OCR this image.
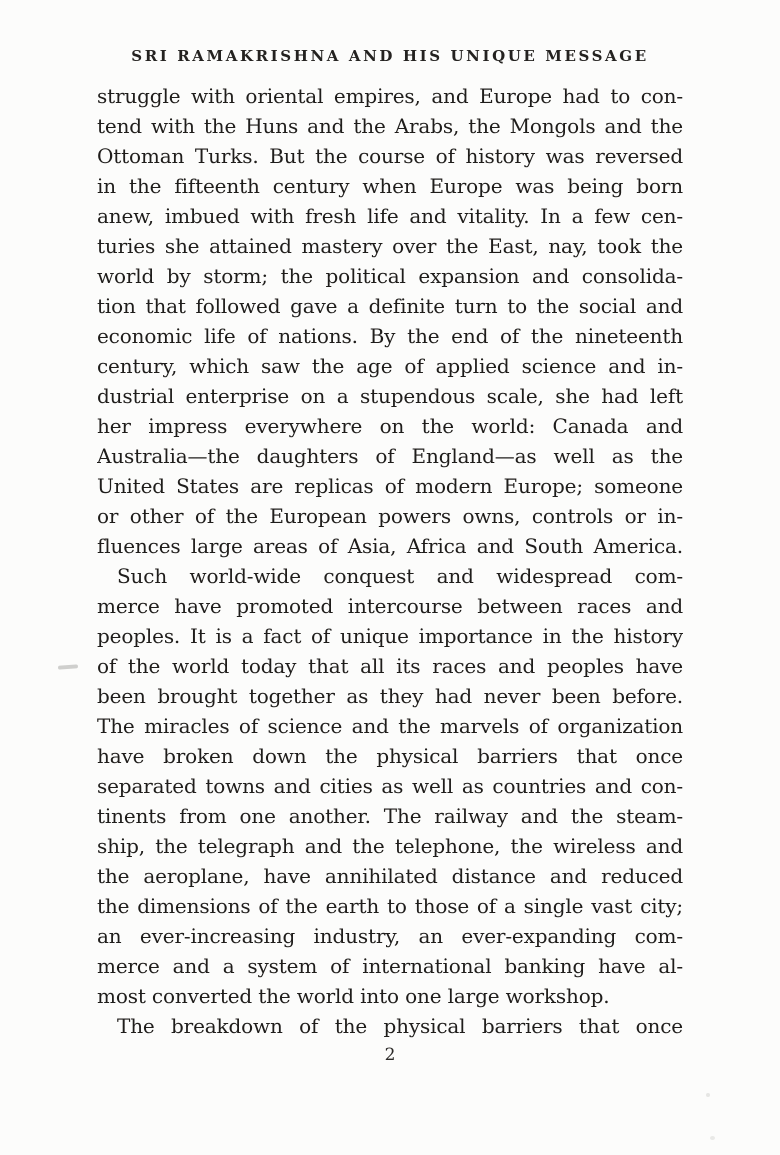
SRI RAMAKRISHNA AND HIS UNIQUE MESSAGE
struggle with oriental empires, and Europe had to con-
tend with the Huns and the Arabs, the Mongols and the
Ottoman Turks. But the course of history was reversed
in the fifteenth century when Europe was being born
anew, imbued with fresh life and vitality. In a few cen-
turies she attained mastery over the East, nay, took the
world by storm; the political expansion and consolida-
tion that followed gave a definite turn to the social and
economic life of nations. By the end of the nineteenth
century, which saw the age of applied science and in-
dustrial enterprise on a stupendous scale, she had left
her impress everywhere on the world: Canada and
Australia—the daughters of England—as well as the
United States are replicas of modern Europe; someone
or other of the European powers owns, controls or in-
fluences large areas of Asia, Africa and South America.
Such world-wide conquest and widespread com-
merce have promoted intercourse between races and
peoples. It is a fact of unique importance in the history
of the world today that all its races and peoples have
been brought together as they had never been before.
The miracles of science and the marvels of organization
have broken down the physical barriers that once
separated towns and cities as well as countries and con-
tinents from one another. The railway and the steam-
ship, the telegraph and the telephone, the wireless and
the aeroplane, have annihilated distance and reduced
the dimensions of the earth to those of a single vast city;
an ever-increasing industry, an ever-expanding com-
merce and a system of international banking have al-
most converted the world into one large workshop.
The breakdown of the physical barriers that once
2
